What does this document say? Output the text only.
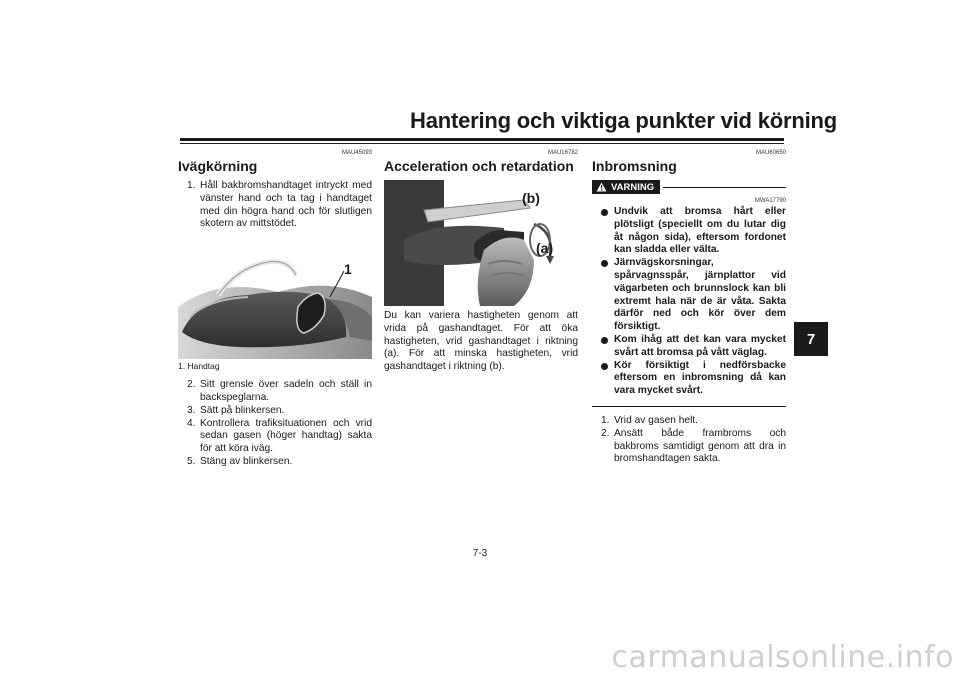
Hantering och viktiga punkter vid körning
7
MAU45093
Ivägkörning
1. Håll bakbromshandtaget intryckt med vänster hand och ta tag i handtaget med din högra hand och för slutligen skotern av mittstödet.
1
1. Handtag
2. Sitt grensle över sadeln och ställ in backspeglarna.
3. Sätt på blinkersen.
4. Kontrollera trafiksituationen och vrid sedan gasen (höger handtag) sakta för att köra iväg.
5. Stäng av blinkersen.
MAU16782
Acceleration och retardation
(b)
(a)

Du kan variera hastigheten genom att vrida på gashandtaget. För att öka hastigheten, vrid gashandtaget i riktning (a). För att minska hastigheten, vrid gashandtaget i riktning (b).

MAU60650
Inbromsning
VARNING
MWA17790
Undvik att bromsa hårt eller plötsligt (speciellt om du lutar dig åt någon sida), eftersom fordonet kan sladda eller välta.
Järnvägskorsningar, spårvagnsspår, järnplattor vid vägarbeten och brunnslock kan bli extremt hala när de är våta. Sakta därför ned och kör över dem försiktigt.
Kom ihåg att det kan vara mycket svårt att bromsa på vått väglag.
Kör försiktigt i nedförsbacke eftersom en inbromsning då kan vara mycket svårt.
1. Vrid av gasen helt.
2. Ansätt både frambroms och bakbroms samtidigt genom att dra in bromshandtagen sakta.
7-3
carmanualsonline.info
